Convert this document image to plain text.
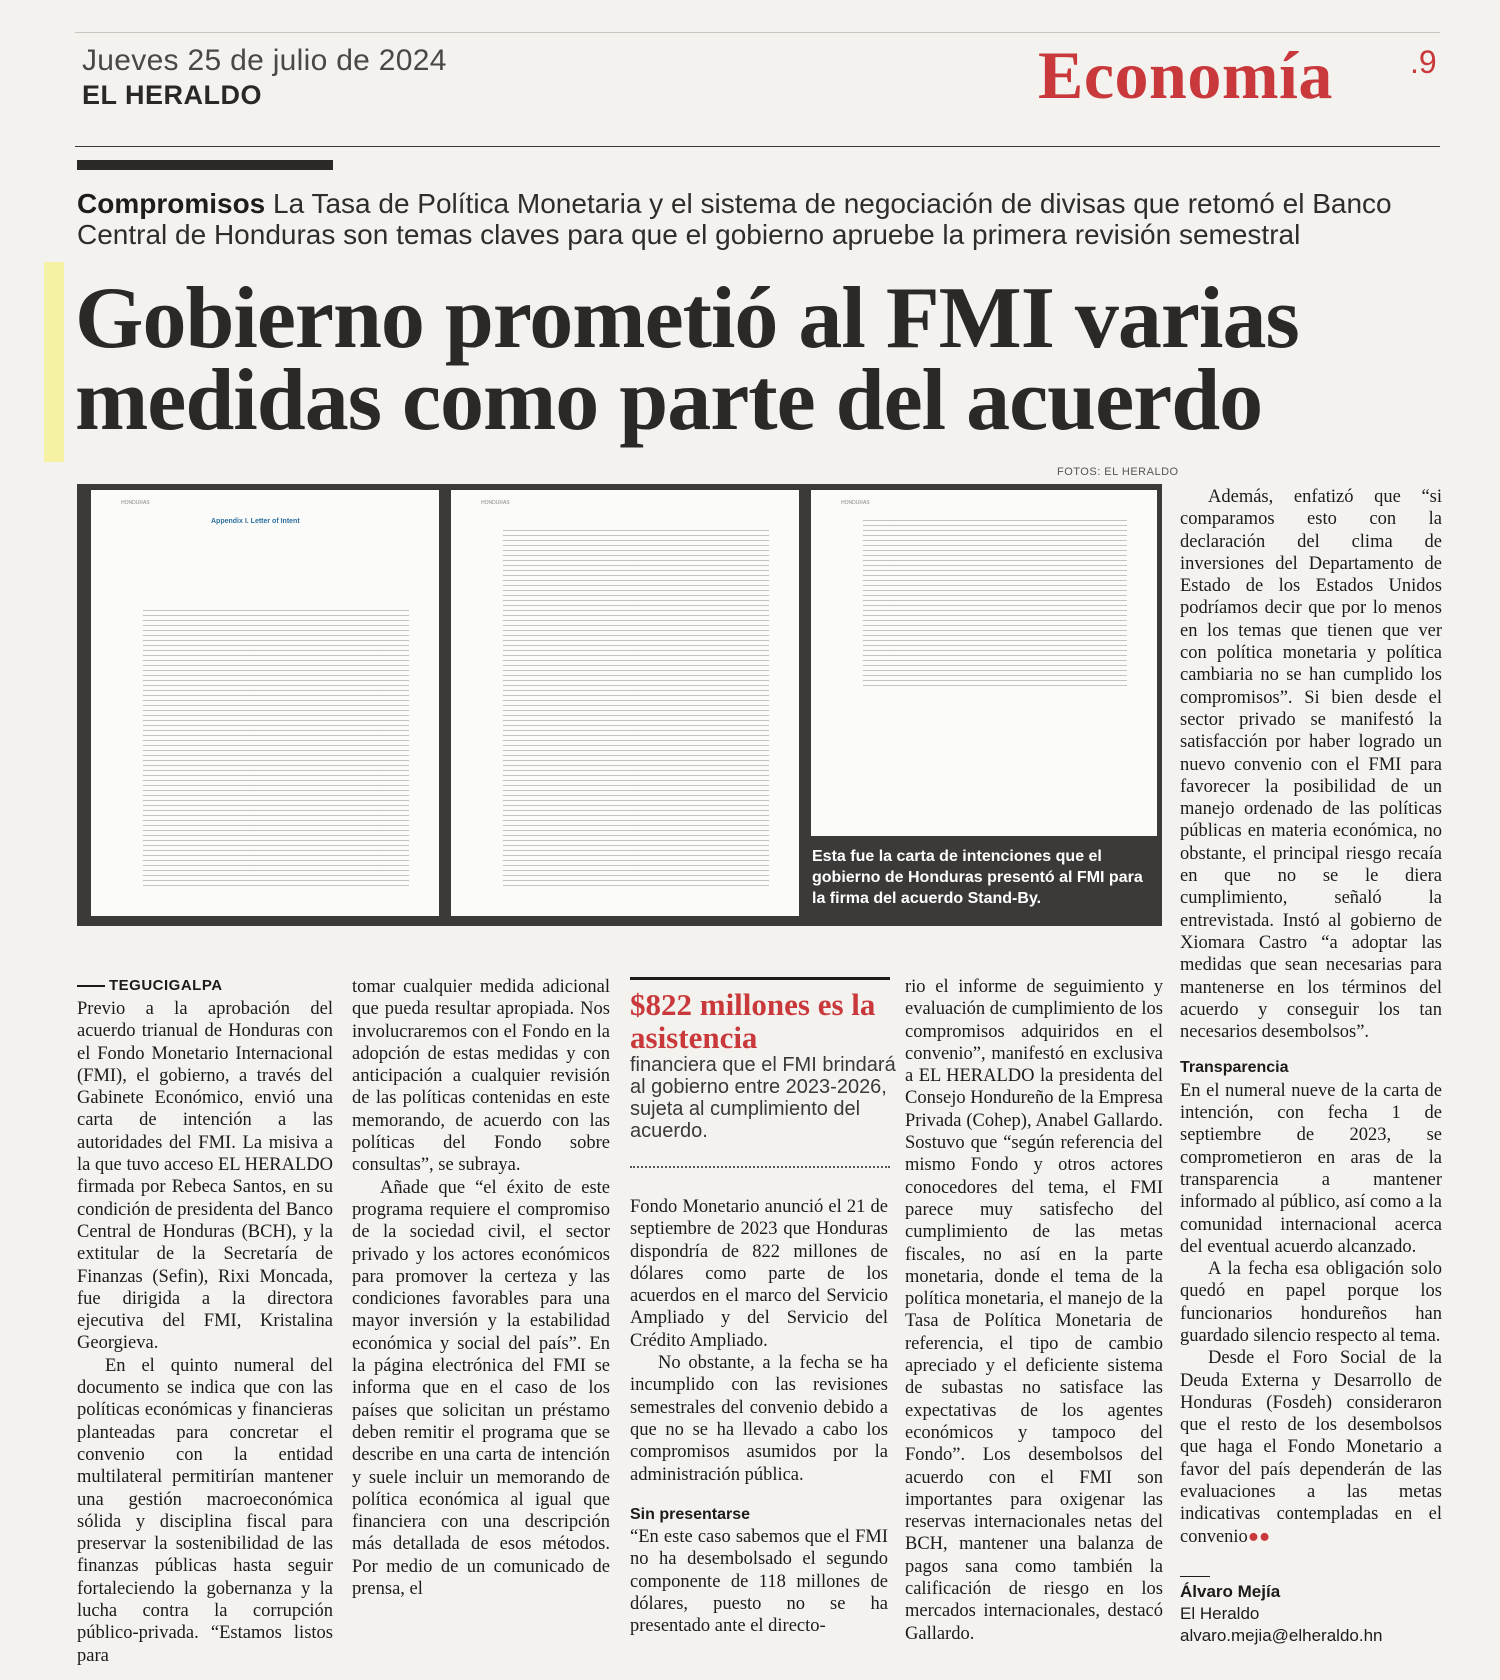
Jueves 25 de julio de 2024
EL HERALDO	Economía .9
Compromisos La Tasa de Política Monetaria y el sistema de negociación de divisas que retomó el Banco Central de Honduras son temas claves para que el gobierno apruebe la primera revisión semestral
Gobierno prometió al FMI varias medidas como parte del acuerdo
FOTOS: EL HERALDO
HONDURAS
Appendix I. Letter of Intent
HONDURAS	HONDURAS
Esta fue la carta de intenciones que el gobierno de Honduras presentó al FMI para la firma del acuerdo Stand-By.
TEGUCIGALPA

Previo a la aprobación del acuerdo trianual de Honduras con el Fondo Monetario Internacional (FMI), el gobierno, a través del Gabinete Económico, envió una carta de intención a las autoridades del FMI. La misiva a la que tuvo acceso EL HERALDO firmada por Rebeca Santos, en su condición de presidenta del Banco Central de Honduras (BCH), y la extitular de la Secretaría de Finanzas (Sefin), Rixi Moncada, fue dirigida a la directora ejecutiva del FMI, Kristalina Georgieva.

En el quinto numeral del documento se indica que con las políticas económicas y financieras planteadas para concretar el convenio con la entidad multilateral permitirían mantener una gestión macroeconómica sólida y disciplina fiscal para preservar la sostenibilidad de las finanzas públicas hasta seguir fortaleciendo la gobernanza y la lucha contra la corrupción público-privada. “Estamos listos para

tomar cualquier medida adicional que pueda resultar apropiada. Nos involucraremos con el Fondo en la adopción de estas medidas y con anticipación a cualquier revisión de las políticas contenidas en este memorando, de acuerdo con las políticas del Fondo sobre consultas”, se subraya.

Añade que “el éxito de este programa requiere el compromiso de la sociedad civil, el sector privado y los actores económicos para promover la certeza y las condiciones favorables para una mayor inversión y la estabilidad económica y social del país”. En la página electrónica del FMI se informa que en el caso de los países que solicitan un préstamo deben remitir el programa que se describe en una carta de intención y suele incluir un memorando de política económica al igual que financiera con una descripción más detallada de esos métodos. Por medio de un comunicado de prensa, el

$822 millones es la asistencia
financiera que el FMI brindará al gobierno entre 2023-2026, sujeta al cumplimiento del acuerdo.

Fondo Monetario anunció el 21 de septiembre de 2023 que Honduras dispondría de 822 millones de dólares como parte de los acuerdos en el marco del Servicio Ampliado y del Servicio del Crédito Ampliado.

No obstante, a la fecha se ha incumplido con las revisiones semestrales del convenio debido a que no se ha llevado a cabo los compromisos asumidos por la administración pública.

Sin presentarse

“En este caso sabemos que el FMI no ha desembolsado el segundo componente de 118 millones de dólares, puesto no se ha presentado ante el directo-

rio el informe de seguimiento y evaluación de cumplimiento de los compromisos adquiridos en el convenio”, manifestó en exclusiva a EL HERALDO la presidenta del Consejo Hondureño de la Empresa Privada (Cohep), Anabel Gallardo. Sostuvo que “según referencia del mismo Fondo y otros actores conocedores del tema, el FMI parece muy satisfecho del cumplimiento de las metas fiscales, no así en la parte monetaria, donde el tema de la política monetaria, el manejo de la Tasa de Política Monetaria de referencia, el tipo de cambio apreciado y el deficiente sistema de subastas no satisface las expectativas de los agentes económicos y tampoco del Fondo”. Los desembolsos del acuerdo con el FMI son importantes para oxigenar las reservas internacionales netas del BCH, mantener una balanza de pagos sana como también la calificación de riesgo en los mercados internacionales, destacó Gallardo.

Además, enfatizó que “si comparamos esto con la declaración del clima de inversiones del Departamento de Estado de los Estados Unidos podríamos decir que por lo menos en los temas que tienen que ver con política monetaria y política cambiaria no se han cumplido los compromisos”. Si bien desde el sector privado se manifestó la satisfacción por haber logrado un nuevo convenio con el FMI para favorecer la posibilidad de un manejo ordenado de las políticas públicas en materia económica, no obstante, el principal riesgo recaía en que no se le diera cumplimiento, señaló la entrevistada. Instó al gobierno de Xiomara Castro “a adoptar las medidas que sean necesarias para mantenerse en los términos del acuerdo y conseguir los tan necesarios desembolsos”.

Transparencia

En el numeral nueve de la carta de intención, con fecha 1 de septiembre de 2023, se comprometieron en aras de la transparencia a mantener informado al público, así como a la comunidad internacional acerca del eventual acuerdo alcanzado.

A la fecha esa obligación solo quedó en papel porque los funcionarios hondureños han guardado silencio respecto al tema.

Desde el Foro Social de la Deuda Externa y Desarrollo de Honduras (Fosdeh) consideraron que el resto de los desembolsos que haga el Fondo Monetario a favor del país dependerán de las evaluaciones a las metas indicativas contempladas en el convenio●●

Álvaro Mejía
El Heraldo
alvaro.mejia@elheraldo.hn
